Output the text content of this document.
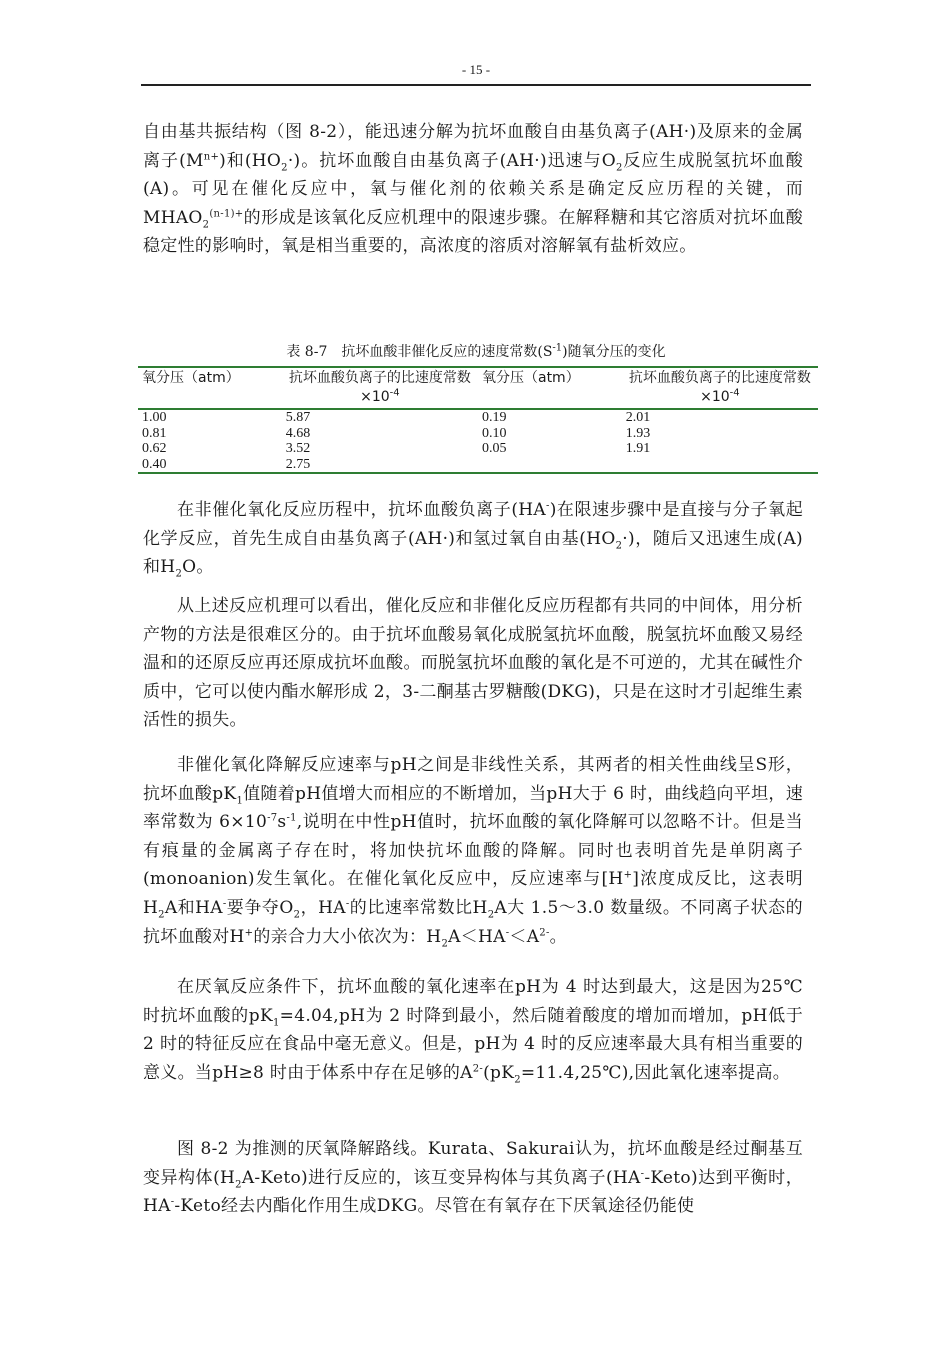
- 15 -

自由基共振结构（图 8-2），能迅速分解为抗坏血酸自由基负离子(AH·)及原来的金属离子$(M^{n+})$和$(HO_2\cdot)$。抗坏血酸自由基负离子(AH·)迅速与$O_2$反应生成脱氢抗坏血酸(A)。可见在催化反应中，氧与催化剂的依赖关系是确定反应历程的关键，而$MHAO_2^{(n-1)+}$的形成是该氧化反应机理中的限速步骤。在解释糖和其它溶质对抗坏血酸稳定性的影响时，氧是相当重要的，高浓度的溶质对溶解氧有盐析效应。

表 8-7　抗坏血酸非催化反应的速度常数$(S^{-1})$随氧分压的变化
氧分压（atm）	抗坏血酸负离子的比速度常数$\times 10^{-4}$	氧分压（atm）	抗坏血酸负离子的比速度常数$\times 10^{-4}$
1.00	5.87	0.19	2.01
0.81	4.68	0.10	1.93
0.62	3.52	0.05	1.91
0.40	2.75		

在非催化氧化反应历程中，抗坏血酸负离子(HA-)在限速步骤中是直接与分子氧起化学反应，首先生成自由基负离子(AH·)和氢过氧自由基$(HO_2\cdot)$，随后又迅速生成(A)和$H_2O$。

从上述反应机理可以看出，催化反应和非催化反应历程都有共同的中间体，用分析产物的方法是很难区分的。由于抗坏血酸易氧化成脱氢抗坏血酸，脱氢抗坏血酸又易经温和的还原反应再还原成抗坏血酸。而脱氢抗坏血酸的氧化是不可逆的，尤其在碱性介质中，它可以使内酯水解形成 2，3-二酮基古罗糖酸(DKG)，只是在这时才引起维生素活性的损失。

非催化氧化降解反应速率与pH之间是非线性关系，其两者的相关性曲线呈S形，抗坏血酸$pK_1$值随着pH值增大而相应的不断增加，当pH大于 6 时，曲线趋向平坦，速率常数为 $6\times 10^{-7}s^{-1}$,说明在中性pH值时，抗坏血酸的氧化降解可以忽略不计。但是当有痕量的金属离子存在时，将加快抗坏血酸的降解。同时也表明首先是单阴离子(monoanion)发生氧化。在催化氧化反应中，反应速率与[H+]浓度成反比，这表明$H_2A$和HA-要争夺$O_2$，HA-的比速率常数比$H_2A$大 1.5～3.0 数量级。不同离子状态的抗坏血酸对H+的亲合力大小依次为：$H_2A<HA^-<A^{2-}$。

在厌氧反应条件下，抗坏血酸的氧化速率在pH为 4 时达到最大，这是因为25℃时抗坏血酸的$pK_1=4.04,pH$为 2 时降到最小，然后随着酸度的增加而增加，pH低于 2 时的特征反应在食品中毫无意义。但是，pH为 4 时的反应速率最大具有相当重要的意义。当pH≥8 时由于体系中存在足够的$A^{2-}(pK_2=11.4,25℃)$,因此氧化速率提高。

图 8-2 为推测的厌氧降解路线。Kurata、Sakurai认为，抗坏血酸是经过酮基互变异构体$(H_2A-Keto)$进行反应的，该互变异构体与其负离子(HA--Keto)达到平衡时，HA--Keto经去内酯化作用生成DKG。尽管在有氧存在下厌氧途径仍能使
